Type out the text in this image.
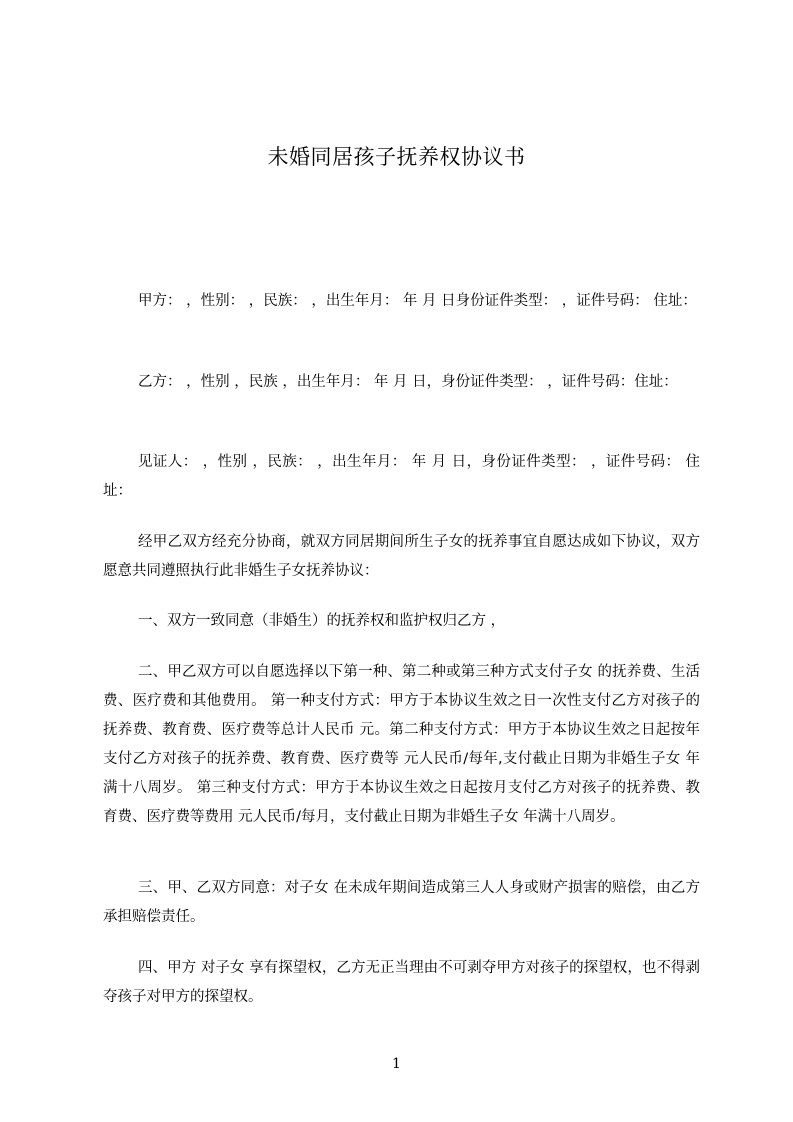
未婚同居孩子抚养权协议书
甲方： ，性别： ，民族： ，出生年月： 年 月 日身份证件类型： ，证件号码： 住址：
乙方： ，性别 ，民族 ，出生年月： 年 月 日，身份证件类型： ，证件号码：住址：
见证人： ，性别 ，民族： ，出生年月： 年 月 日，身份证件类型： ，证件号码： 住址：
经甲乙双方经充分协商，就双方同居期间所生子女的抚养事宜自愿达成如下协议，双方愿意共同遵照执行此非婚生子女抚养协议：
一、双方一致同意（非婚生）的抚养权和监护权归乙方 ，
二、甲乙双方可以自愿选择以下第一种、第二种或第三种方式支付子女 的抚养费、生活费、医疗费和其他费用。 第一种支付方式：甲方于本协议生效之日一次性支付乙方对孩子的抚养费、教育费、医疗费等总计人民币 元。第二种支付方式：甲方于本协议生效之日起按年支付乙方对孩子的抚养费、教育费、医疗费等 元人民币/每年,支付截止日期为非婚生子女 年满十八周岁。 第三种支付方式：甲方于本协议生效之日起按月支付乙方对孩子的抚养费、教育费、医疗费等费用 元人民币/每月，支付截止日期为非婚生子女 年满十八周岁。
三、甲、乙双方同意：对子女 在未成年期间造成第三人人身或财产损害的赔偿，由乙方承担赔偿责任。
四、甲方 对子女 享有探望权，乙方无正当理由不可剥夺甲方对孩子的探望权，也不得剥夺孩子对甲方的探望权。
1
